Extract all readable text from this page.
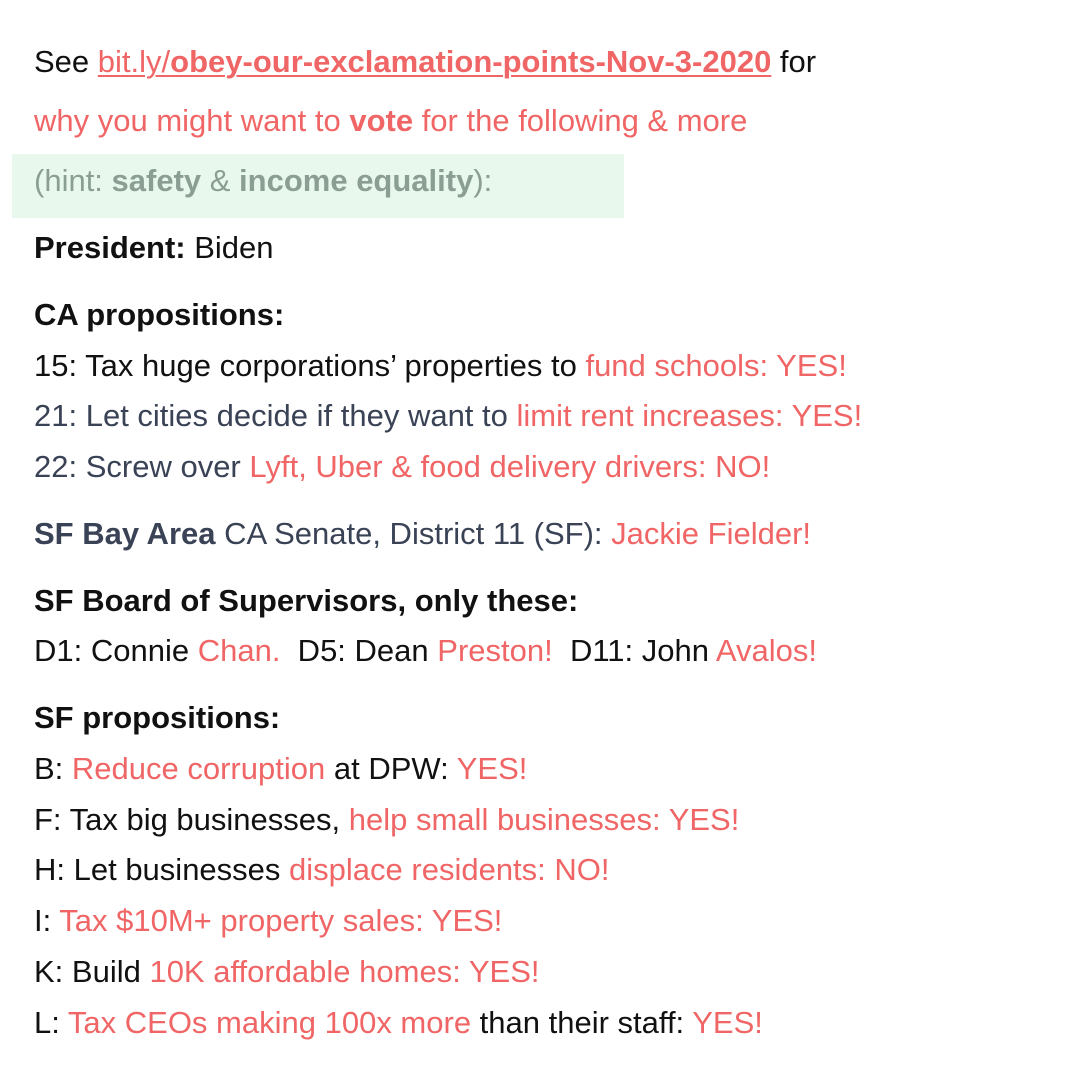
See bit.ly/obey-our-exclamation-points-Nov-3-2020 for
why you might want to vote for the following & more
(hint: safety & income equality):
President: Biden
CA propositions:
15: Tax huge corporations’ properties to fund schools: YES!
21: Let cities decide if they want to limit rent increases: YES!
22: Screw over Lyft, Uber & food delivery drivers: NO!
SF Bay Area CA Senate, District 11 (SF): Jackie Fielder!
SF Board of Supervisors, only these:
D1: Connie Chan.  D5: Dean Preston!  D11: John Avalos!
SF propositions:
B: Reduce corruption at DPW: YES!
F: Tax big businesses, help small businesses: YES!
H: Let businesses displace residents: NO!
I: Tax $10M+ property sales: YES!
K: Build 10K affordable homes: YES!
L: Tax CEOs making 100x more than their staff: YES!
